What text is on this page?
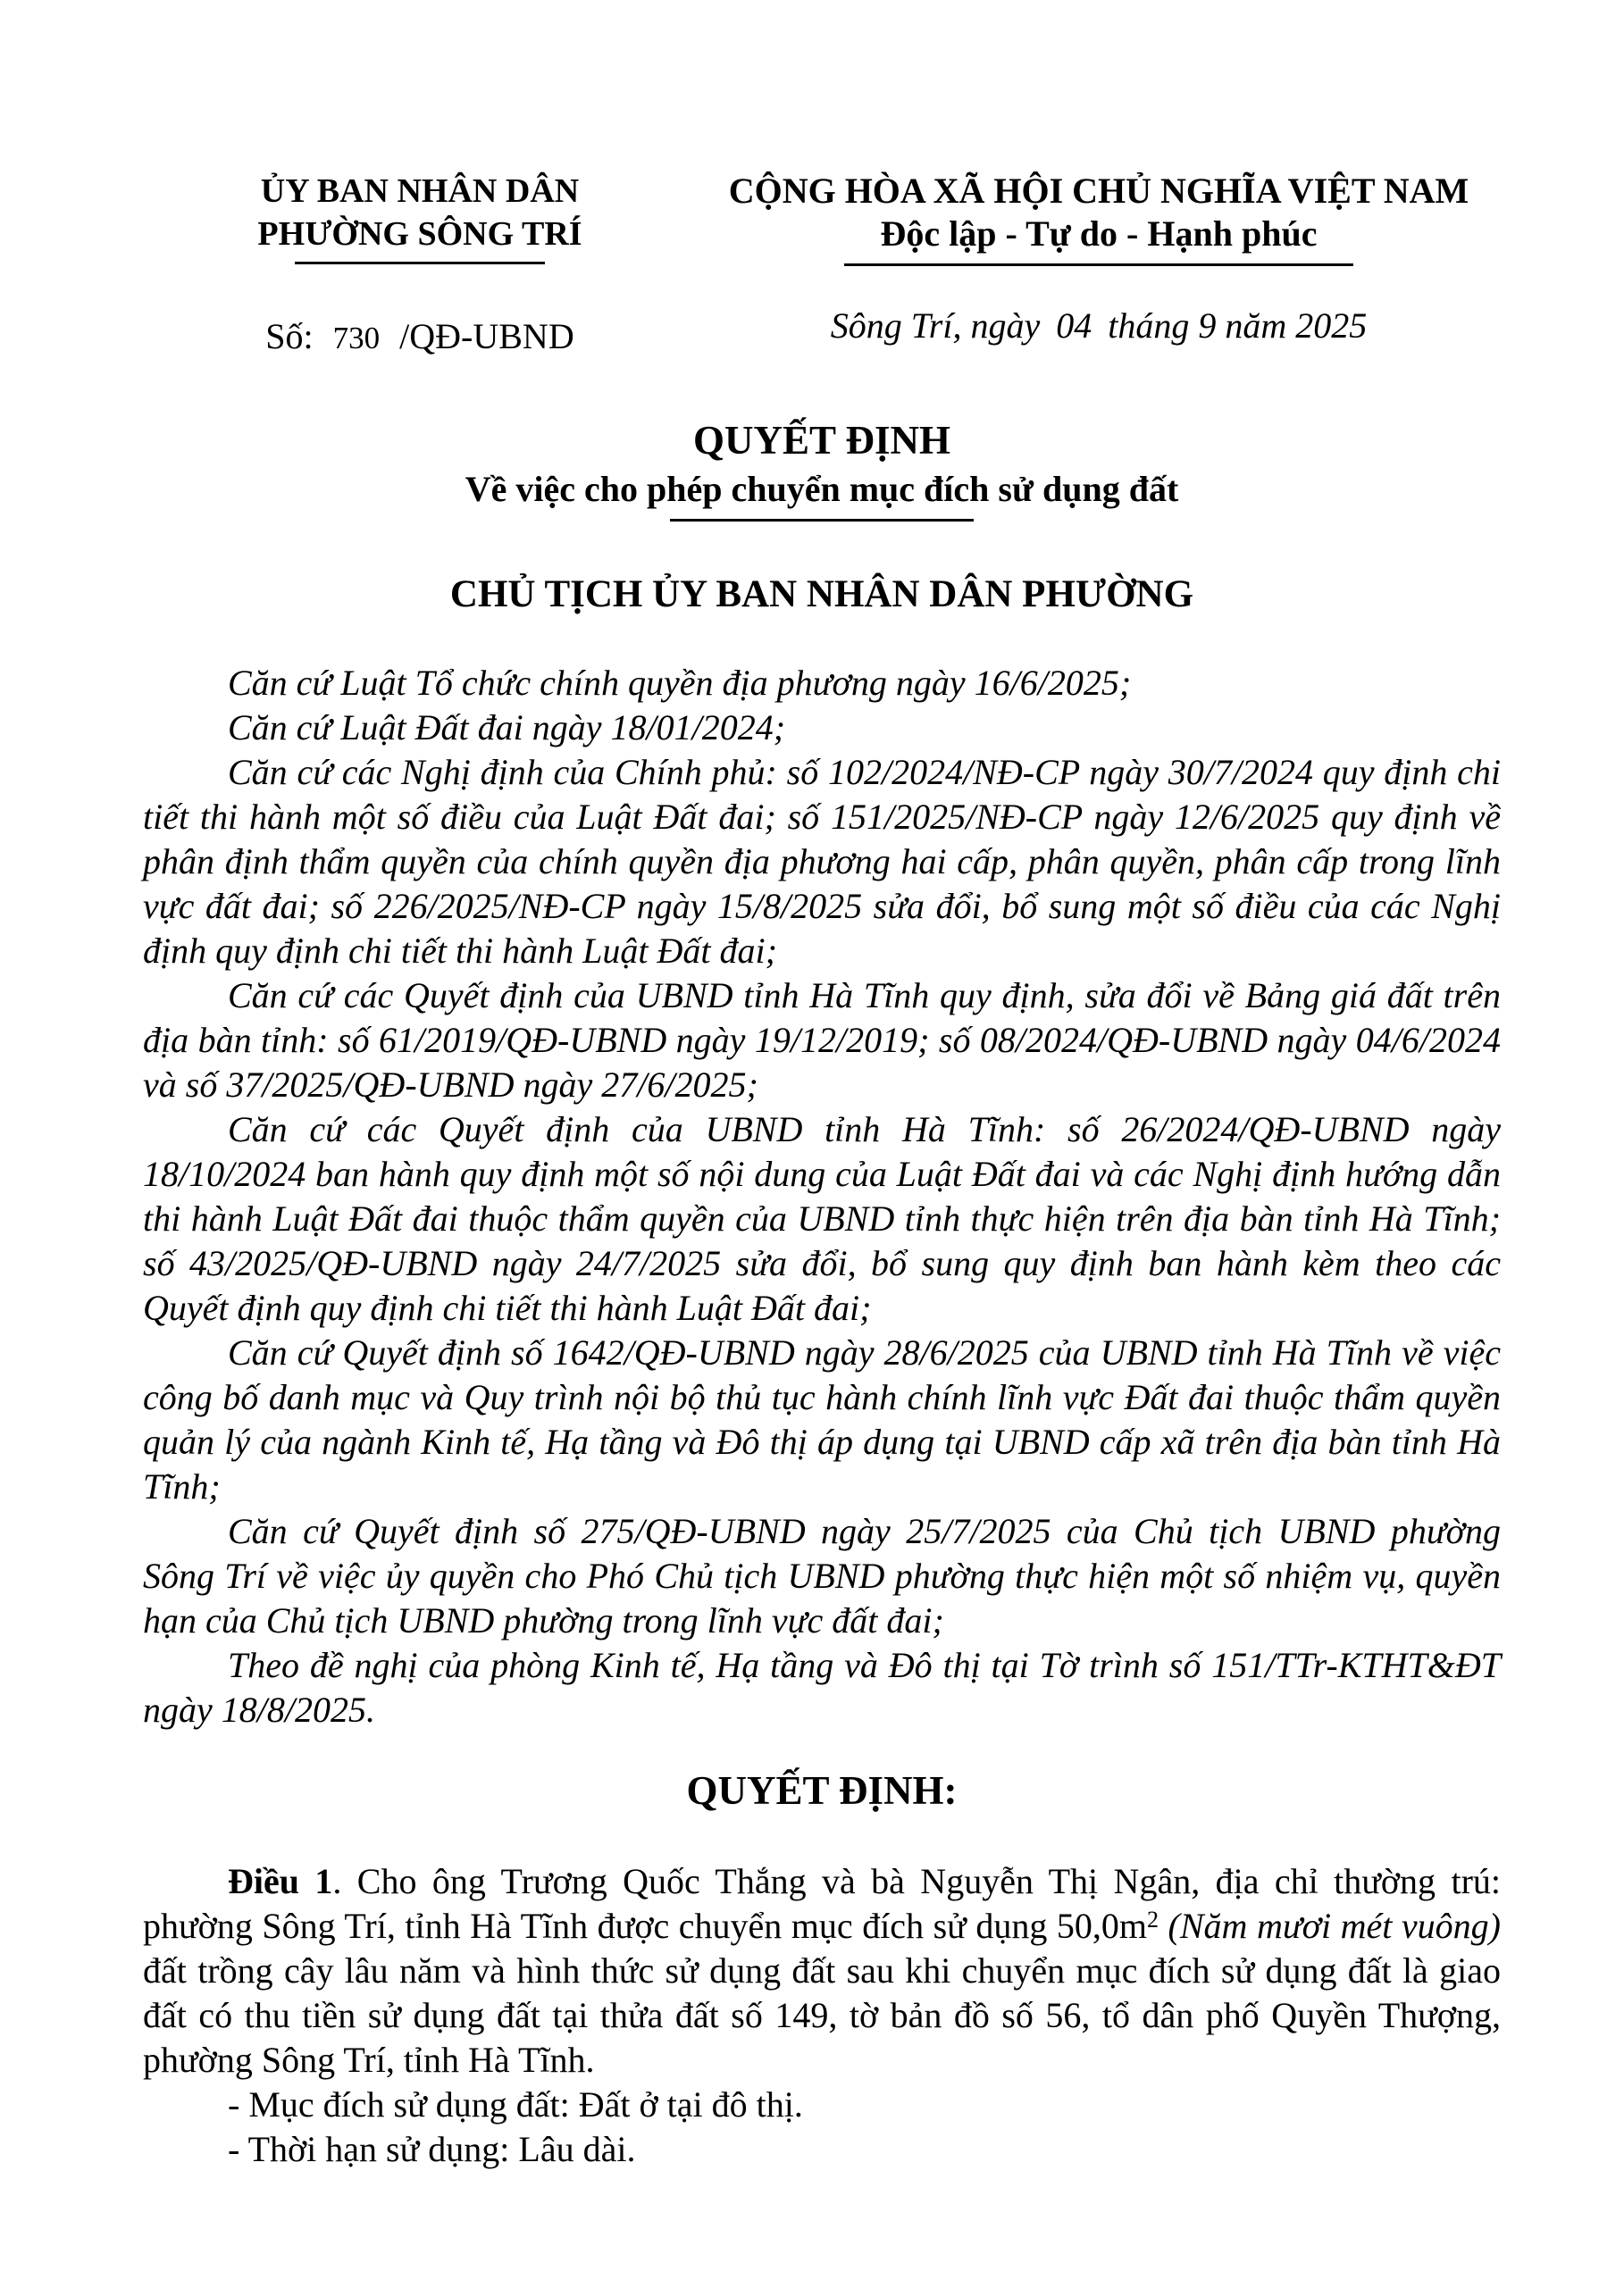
ỦY BAN NHÂN DÂN
PHƯỜNG SÔNG TRÍ
Số: 730 /QĐ-UBND
CỘNG HÒA XÃ HỘI CHỦ NGHĨA VIỆT NAM
Độc lập - Tự do - Hạnh phúc
Sông Trí, ngày 04 tháng 9 năm 2025
QUYẾT ĐỊNH
Về việc cho phép chuyển mục đích sử dụng đất
CHỦ TỊCH ỦY BAN NHÂN DÂN PHƯỜNG

Căn cứ Luật Tổ chức chính quyền địa phương ngày 16/6/2025;

Căn cứ Luật Đất đai ngày 18/01/2024;

Căn cứ các Nghị định của Chính phủ: số 102/2024/NĐ-CP ngày 30/7/2024 quy định chi tiết thi hành một số điều của Luật Đất đai; số 151/2025/NĐ-CP ngày 12/6/2025 quy định về phân định thẩm quyền của chính quyền địa phương hai cấp, phân quyền, phân cấp trong lĩnh vực đất đai; số 226/2025/NĐ-CP ngày 15/8/2025 sửa đổi, bổ sung một số điều của các Nghị định quy định chi tiết thi hành Luật Đất đai;

Căn cứ các Quyết định của UBND tỉnh Hà Tĩnh quy định, sửa đổi về Bảng giá đất trên địa bàn tỉnh: số 61/2019/QĐ-UBND ngày 19/12/2019; số 08/2024/QĐ-UBND ngày 04/6/2024 và số 37/2025/QĐ-UBND ngày 27/6/2025;

Căn cứ các Quyết định của UBND tỉnh Hà Tĩnh: số 26/2024/QĐ-UBND ngày 18/10/2024 ban hành quy định một số nội dung của Luật Đất đai và các Nghị định hướng dẫn thi hành Luật Đất đai thuộc thẩm quyền của UBND tỉnh thực hiện trên địa bàn tỉnh Hà Tĩnh; số 43/2025/QĐ-UBND ngày 24/7/2025 sửa đổi, bổ sung quy định ban hành kèm theo các Quyết định quy định chi tiết thi hành Luật Đất đai;

Căn cứ Quyết định số 1642/QĐ-UBND ngày 28/6/2025 của UBND tỉnh Hà Tĩnh về việc công bố danh mục và Quy trình nội bộ thủ tục hành chính lĩnh vực Đất đai thuộc thẩm quyền quản lý của ngành Kinh tế, Hạ tầng và Đô thị áp dụng tại UBND cấp xã trên địa bàn tỉnh Hà Tĩnh;

Căn cứ Quyết định số 275/QĐ-UBND ngày 25/7/2025 của Chủ tịch UBND phường Sông Trí về việc ủy quyền cho Phó Chủ tịch UBND phường thực hiện một số nhiệm vụ, quyền hạn của Chủ tịch UBND phường trong lĩnh vực đất đai;

Theo đề nghị của phòng Kinh tế, Hạ tầng và Đô thị tại Tờ trình số 151/TTr-KTHT&ĐT ngày 18/8/2025.

QUYẾT ĐỊNH:

Điều 1. Cho ông Trương Quốc Thắng và bà Nguyễn Thị Ngân, địa chỉ thường trú: phường Sông Trí, tỉnh Hà Tĩnh được chuyển mục đích sử dụng $50,0m^2$ (Năm mươi mét vuông) đất trồng cây lâu năm và hình thức sử dụng đất sau khi chuyển mục đích sử dụng đất là giao đất có thu tiền sử dụng đất tại thửa đất số 149, tờ bản đồ số 56, tổ dân phố Quyền Thượng, phường Sông Trí, tỉnh Hà Tĩnh.

- Mục đích sử dụng đất: Đất ở tại đô thị.

- Thời hạn sử dụng: Lâu dài.
